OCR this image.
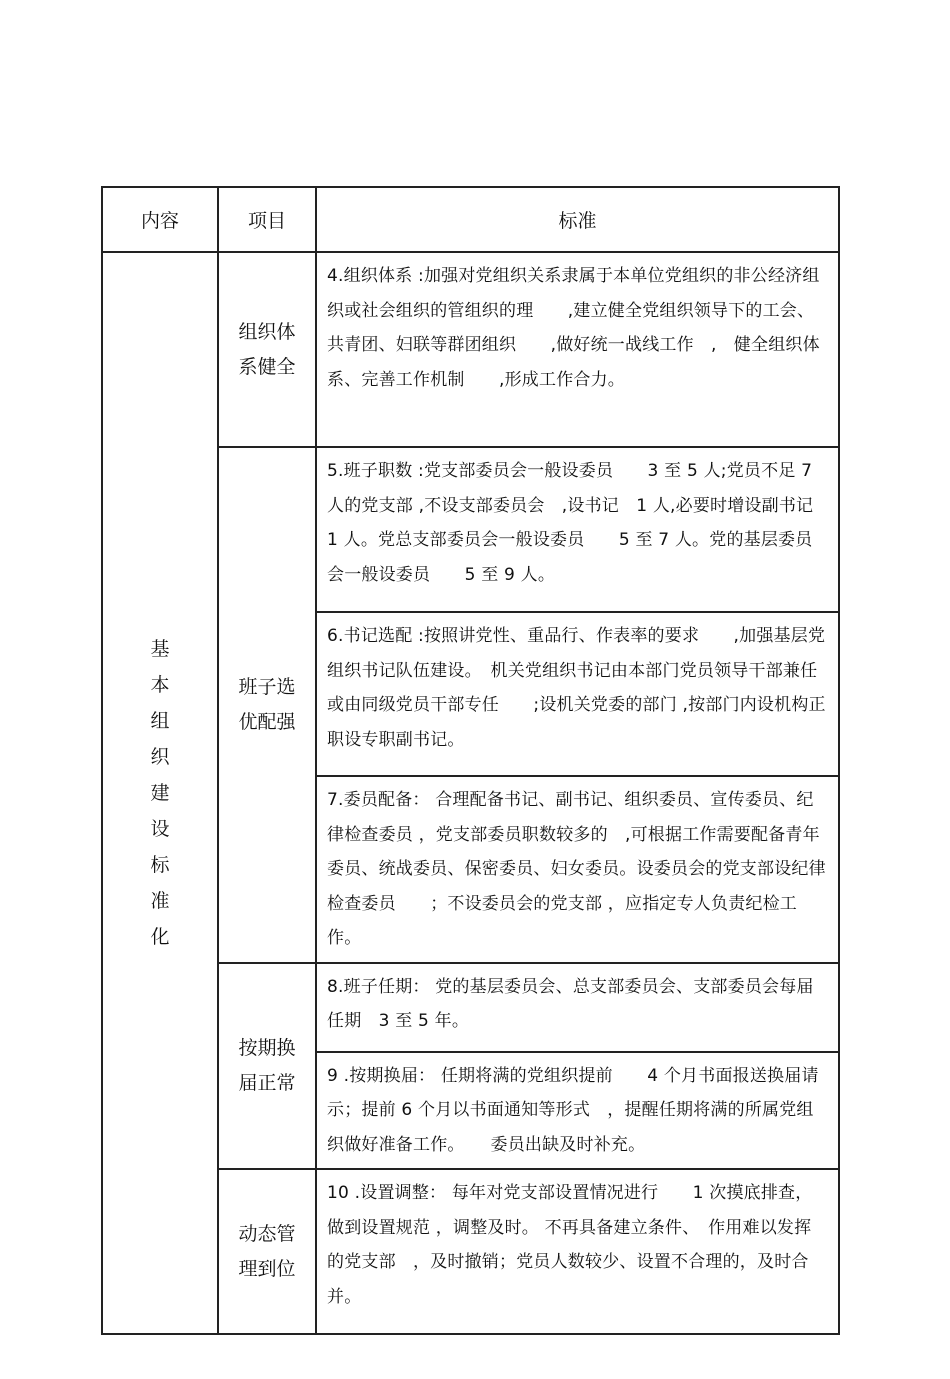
内容	项目	标准

基本组织建设标准化	组织体系健全	4.组织体系 :加强对党组织关系隶属于本单位党组织的非公经济组织或社会组织的管组织的理　　,建立健全党组织领导下的工会、共青团、妇联等群团组织　　,做好统一战线工作　,　健全组织体系、完善工作机制　　,形成工作合力。

	班子选优配强	5.班子职数 :党支部委员会一般设委员　　3 至 5 人;党员不足 7 人的党支部 ,不设支部委员会　,设书记　1 人,必要时增设副书记　 1 人。党总支部委员会一般设委员　　5 至 7 人。党的基层委员会一般设委员　　5 至 9 人。
		6.书记选配 :按照讲党性、重品行、作表率的要求　　,加强基层党组织书记队伍建设。　机关党组织书记由本部门党员领导干部兼任或由同级党员干部专任　　;设机关党委的部门 ,按部门内设机构正职设专职副书记。
		7.委员配备： 合理配备书记、副书记、组织委员、宣传委员、纪律检查委员 ，党支部委员职数较多的　,可根据工作需要配备青年委员、统战委员、保密委员、妇女委员。设委员会的党支部设纪律检查委员　　；不设委员会的党支部 ，应指定专人负责纪检工作。

	按期换届正常	8.班子任期： 党的基层委员会、总支部委员会、支部委员会每届任期　3 至 5 年。
		9 .按期换届： 任期将满的党组织提前　　4 个月书面报送换届请示；提前 6 个月以书面通知等形式　，提醒任期将满的所属党组织做好准备工作。　　委员出缺及时补充。

	动态管理到位	10 .设置调整： 每年对党支部设置情况进行　　1 次摸底排查，做到设置规范 ，调整及时。 不再具备建立条件、　作用难以发挥的党支部　，及时撤销；党员人数较少、设置不合理的，及时合并。
